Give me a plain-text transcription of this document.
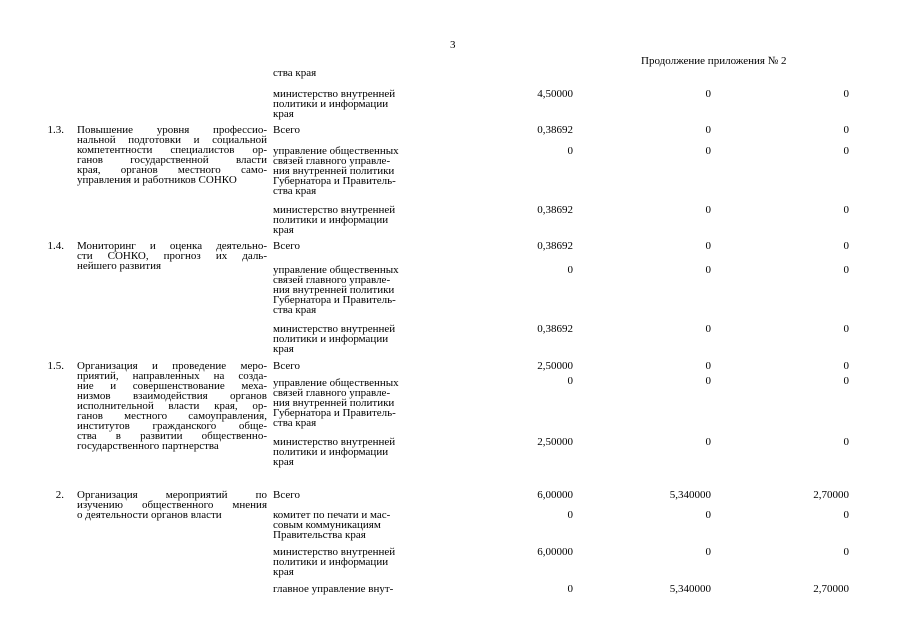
3
Продолжение приложения № 2
ства края
министерство внутренней
политики и информации
края
Всего
управление общественных
связей главного управле-
ния внутренней политики
Губернатора и Правитель-
ства края
министерство внутренней
политики и информации
края
Всего
управление общественных
связей главного управле-
ния внутренней политики
Губернатора и Правитель-
ства края
министерство внутренней
политики и информации
края
Всего
управление общественных
связей главного управле-
ния внутренней политики
Губернатора и Правитель-
ства края
министерство внутренней
политики и информации
края
Всего
комитет по печати и мас-
совым коммуникациям
Правительства края
министерство внутренней
политики и информации
края
главное управление внут-
4,50000
0,38692
0
0,38692
0,38692
0
0,38692
2,50000
0
2,50000
6,00000
0
6,00000
0
0
0
0
0
0
0
0
0
0
0
5,340000
0
0
5,340000
0
0
0
0
0
0
0
0
0
0
2,70000
0
0
2,70000
1.3.
1.4.
1.5.
2.
Повышение уровня профессио-
нальной подготовки и социальной
компетентности специалистов ор-
ганов государственной власти
края, органов местного само-
управления и работников СОНКО
Мониторинг и оценка деятельно-
сти СОНКО, прогноз их даль-
нейшего развития
Организация и проведение меро-
приятий, направленных на созда-
ние и совершенствование меха-
низмов взаимодействия органов
исполнительной власти края, ор-
ганов местного самоуправления,
институтов гражданского обще-
ства в развитии общественно-
государственного партнерства
Организация мероприятий по
изучению общественного мнения
о деятельности органов власти
